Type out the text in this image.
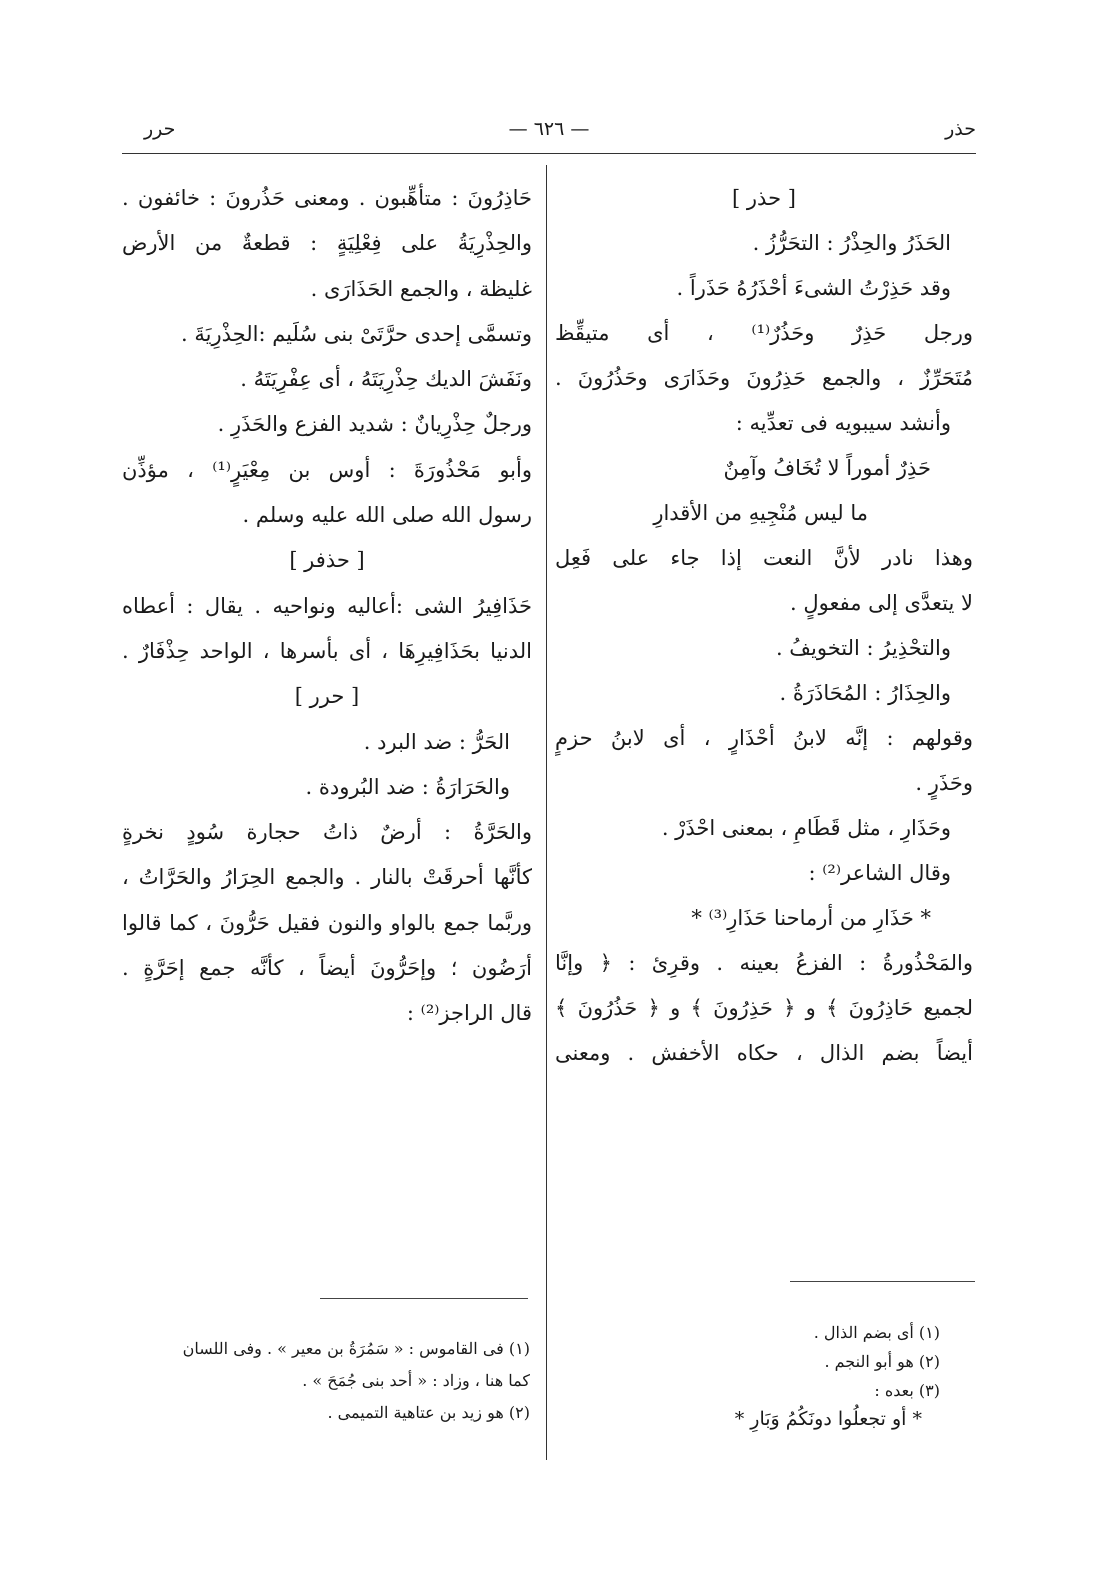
حذر
— ٦٢٦ —
حرر
[ حذر ]
الحَذَرُ والحِذْرُ : التحَرُّزُ .
وقد حَذِرْتُ الشىءَ أحْذَرُهُ حَذَراً .
ورجل حَذِرٌ وحَذُرٌ⁽¹⁾ ، أى متيقِّظ
مُتَحَرِّزٌ ، والجمع حَذِرُونَ وحَذَارَى وحَذُرُونَ .
وأنشد سيبويه فى تعدِّيه :
حَذِرٌ أموراً لا تُخَافُ وآمِنٌ
ما ليس مُنْجِيهِ من الأقدارِ
وهذا نادر لأنَّ النعت إذا جاء على فَعِل
لا يتعدَّى إلى مفعولٍ .
والتحْذِيرُ : التخويفُ .
والحِذَارُ : المُحَاذَرَةُ .
وقولهم : إنَّه لابنُ أحْذَارٍ ، أى لابنُ حزمٍ
وحَذَرٍ .
وحَذَارِ ، مثل قَطَامِ ، بمعنى احْذَرْ .
وقال الشاعر⁽²⁾ :
* حَذَارِ من أرماحنا حَذَارِ⁽³⁾ *
والمَحْذُورةُ : الفزعُ بعينه . وقرِئ : ﴿ وإنَّا
لجميع حَاذِرُونَ ﴾ و ﴿ حَذِرُونَ ﴾ و ﴿ حَذُرُونَ ﴾
أيضاً بضم الذال ، حكاه الأخفش . ومعنى
حَاذِرُونَ : متأهِّبون . ومعنى حَذُرونَ : خائفون .
والحِذْرِيَةُ على فِعْلِيَةٍ : قطعةٌ من الأرض
غليظة ، والجمع الحَذَارَى .
وتسمَّى إحدى حرَّتَىْ بنى سُلَيم :الحِذْرِيَةَ .
ونَفَشَ الديك حِذْرِيَتَهُ ، أى عِفْرِيَتَهُ .
ورجلٌ حِذْرِيانٌ : شديد الفزع والحَذَرِ .
وأبو مَحْذُورَةَ : أوس بن مِعْيَرٍ⁽¹⁾ ، مؤذِّن
رسول الله صلى الله عليه وسلم .
[ حذفر ]
حَذَافِيرُ الشى :أعاليه ونواحيه . يقال : أعطاه
الدنيا بحَذَافِيرِهَا ، أى بأسرها ، الواحد حِذْفَارٌ .
[ حرر ]
الحَرُّ : ضد البرد .
والحَرَارَةُ : ضد البُرودة .
والحَرَّةُ : أرضٌ ذاتُ حجارة سُودٍ نخرةٍ
كأنَّها أحرقَتْ بالنار . والجمع الحِرَارُ والحَرَّاتُ ،
وربَّما جمع بالواو والنون فقيل حَرُّونَ ، كما قالوا
أرَضُون ؛ وإحَرُّونَ أيضاً ، كأنَّه جمع إحَرَّةٍ .
قال الراجز⁽²⁾ :
(١) أى بضم الذال .
(٢) هو أبو النجم .
(٣) بعده :
* أو تجعلُوا دونَكُمُ وَبَارِ *
(١) فى القاموس : « سَمُرَةُ بن معير » . وفى اللسان
كما هنا ، وزاد : « أحد بنى جُمَحَ » .
(٢) هو زيد بن عتاهية التميمى .
